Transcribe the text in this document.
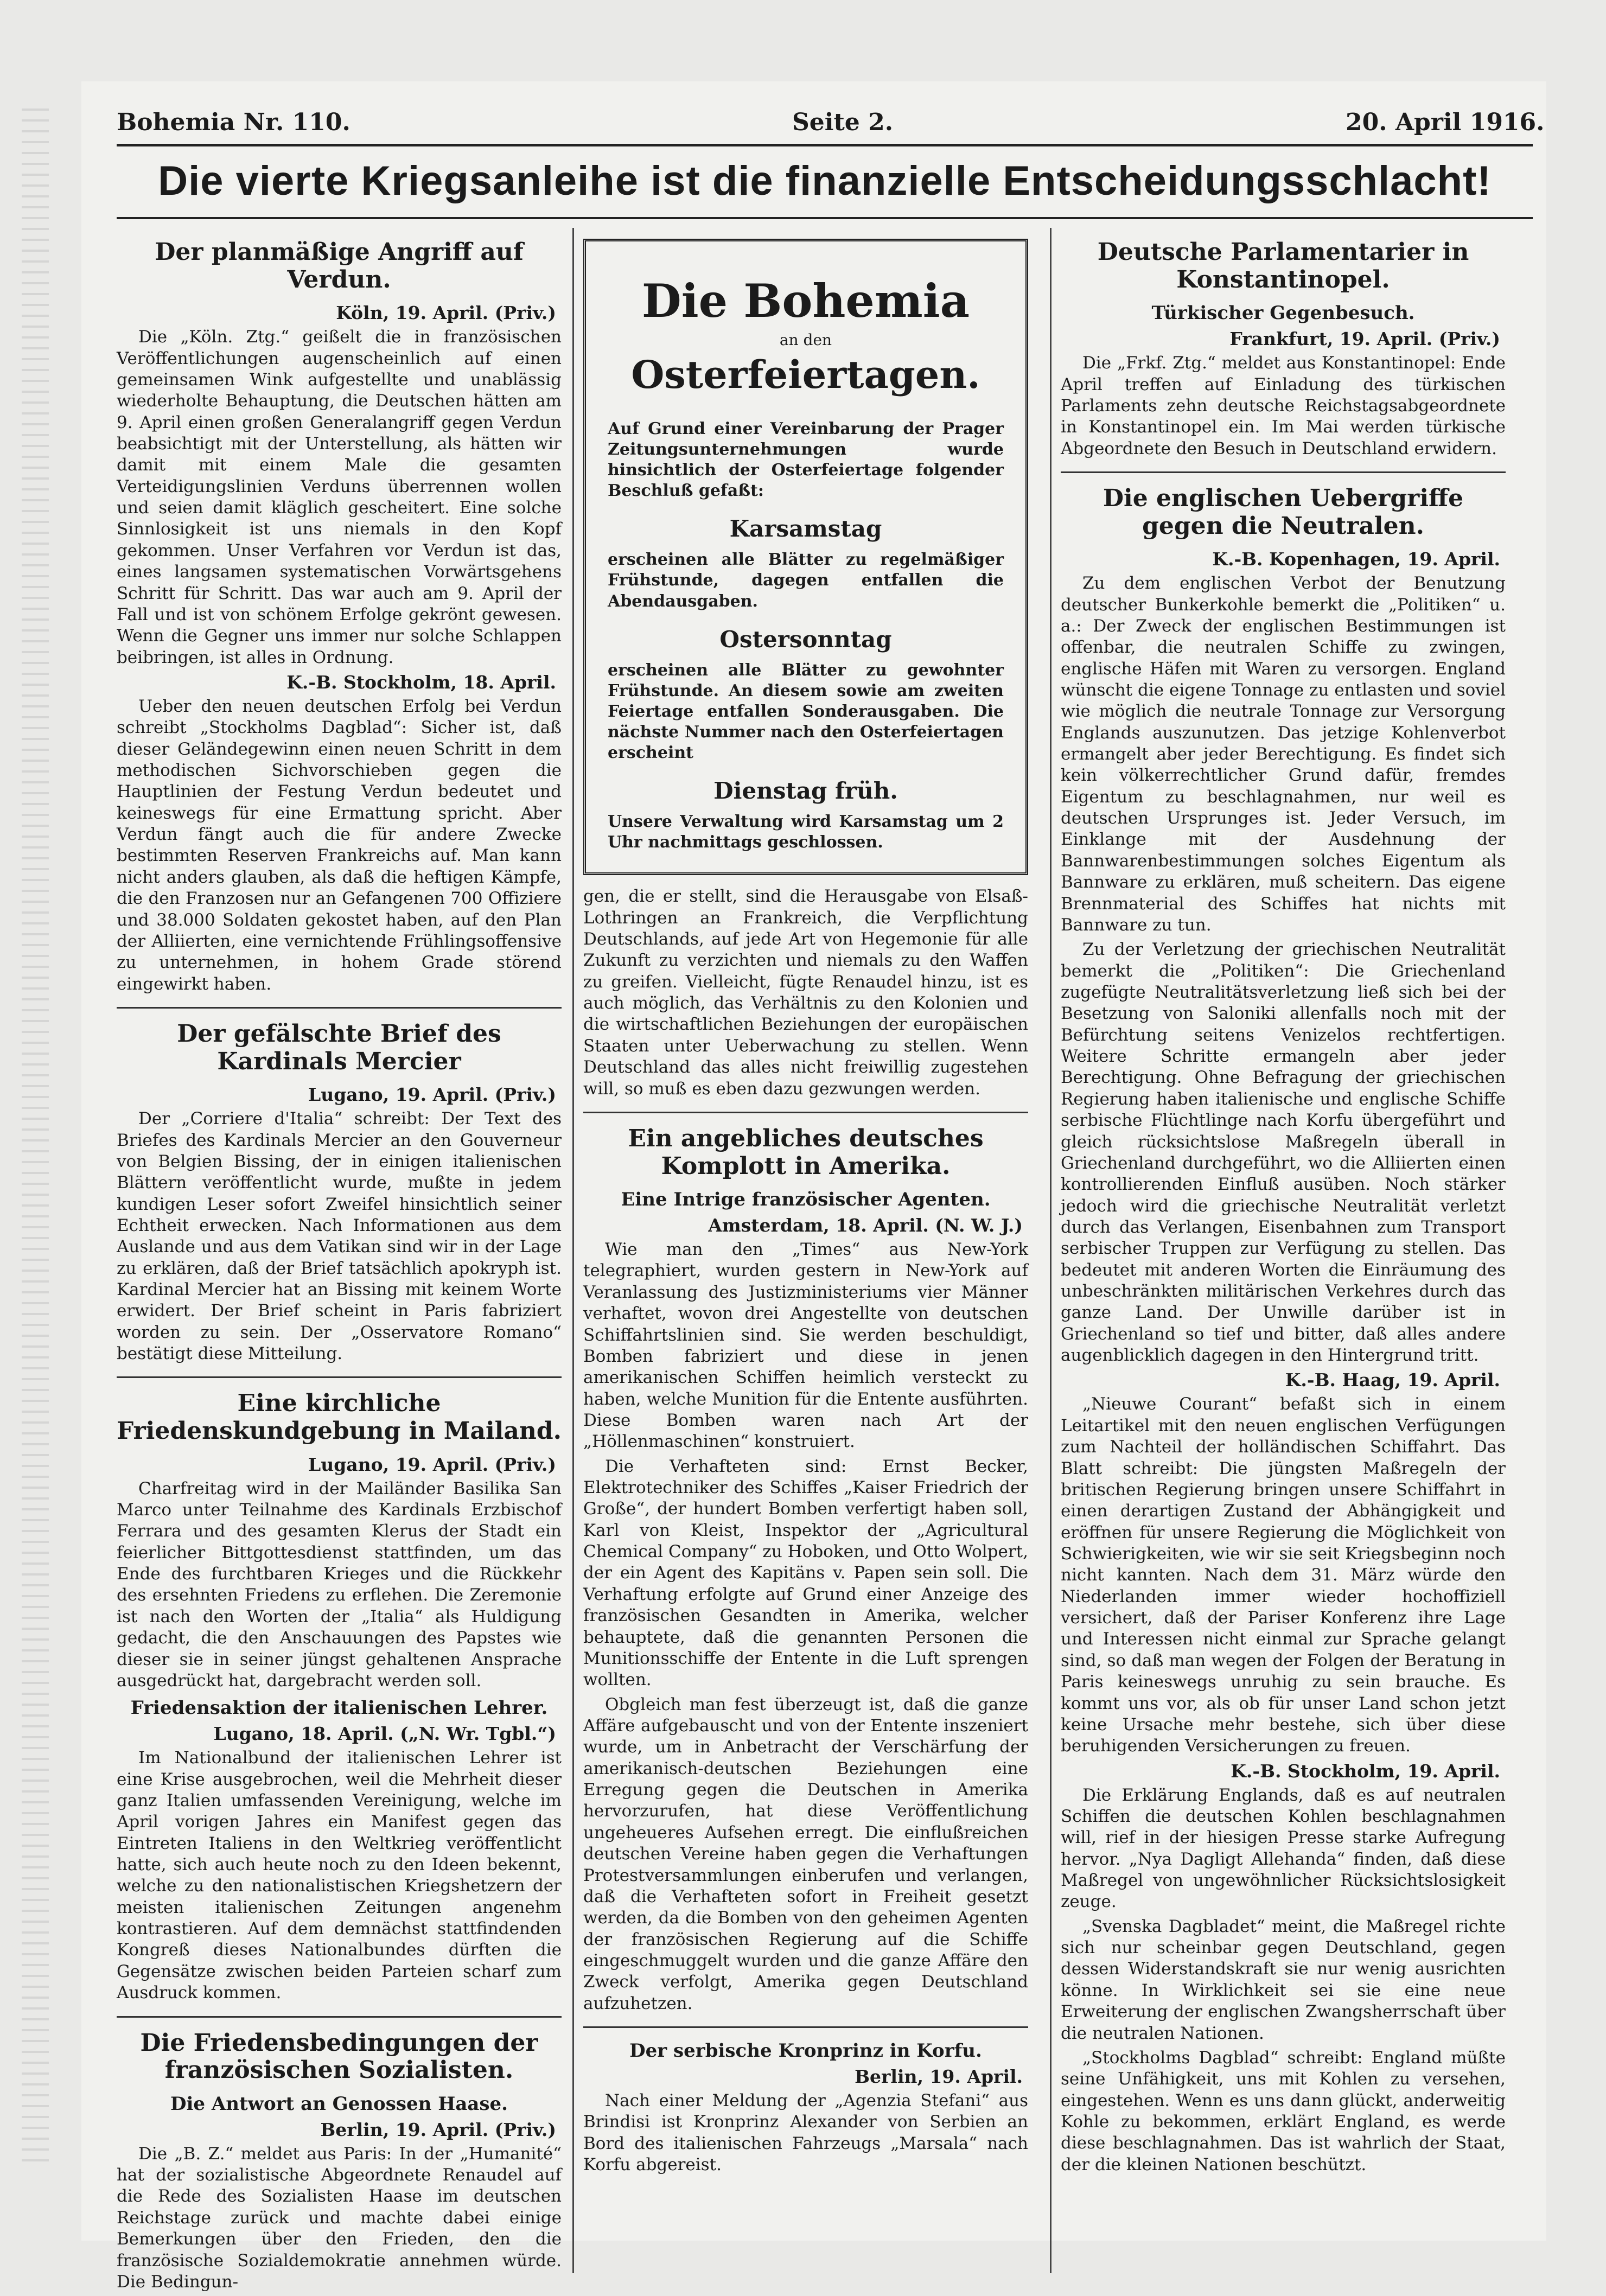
Bohemia Nr. 110.	Seite 2.	20. April 1916.
Die vierte Kriegsanleihe ist die finanzielle Entscheidungsschlacht!
Der planmäßige Angriff auf Verdun.
Köln, 19. April. (Priv.)

Die „Köln. Ztg.“ geißelt die in französischen Veröffentlichungen augenscheinlich auf einen gemeinsamen Wink aufgestellte und unablässig wiederholte Behauptung, die Deutschen hätten am 9. April einen großen Generalangriff gegen Verdun beabsichtigt mit der Unterstellung, als hätten wir damit mit einem Male die gesamten Verteidigungslinien Verduns überrennen wollen und seien damit kläglich gescheitert. Eine solche Sinnlosigkeit ist uns niemals in den Kopf gekommen. Unser Verfahren vor Verdun ist das, eines langsamen systematischen Vorwärtsgehens Schritt für Schritt. Das war auch am 9. April der Fall und ist von schönem Erfolge gekrönt gewesen. Wenn die Gegner uns immer nur solche Schlappen beibringen, ist alles in Ordnung.

K.-B. Stockholm, 18. April.

Ueber den neuen deutschen Erfolg bei Verdun schreibt „Stockholms Dagblad“: Sicher ist, daß dieser Geländegewinn einen neuen Schritt in dem methodischen Sichvorschieben gegen die Hauptlinien der Festung Verdun bedeutet und keineswegs für eine Ermattung spricht. Aber Verdun fängt auch die für andere Zwecke bestimmten Reserven Frankreichs auf. Man kann nicht anders glauben, als daß die heftigen Kämpfe, die den Franzosen nur an Gefangenen 700 Offiziere und 38.000 Soldaten gekostet haben, auf den Plan der Alliierten, eine vernichtende Frühlingsoffensive zu unternehmen, in hohem Grade störend eingewirkt haben.

Der gefälschte Brief des Kardinals Mercier
Lugano, 19. April. (Priv.)

Der „Corriere d'Italia“ schreibt: Der Text des Briefes des Kardinals Mercier an den Gouverneur von Belgien Bissing, der in einigen italienischen Blättern veröffentlicht wurde, mußte in jedem kundigen Leser sofort Zweifel hinsichtlich seiner Echtheit erwecken. Nach Informationen aus dem Auslande und aus dem Vatikan sind wir in der Lage zu erklären, daß der Brief tatsächlich apokryph ist. Kardinal Mercier hat an Bissing mit keinem Worte erwidert. Der Brief scheint in Paris fabriziert worden zu sein. Der „Osservatore Romano“ bestätigt diese Mitteilung.

Eine kirchliche Friedenskundgebung in Mailand.
Lugano, 19. April. (Priv.)

Charfreitag wird in der Mailänder Basilika San Marco unter Teilnahme des Kardinals Erzbischof Ferrara und des gesamten Klerus der Stadt ein feierlicher Bittgottesdienst stattfinden, um das Ende des furchtbaren Krieges und die Rückkehr des ersehnten Friedens zu erflehen. Die Zeremonie ist nach den Worten der „Italia“ als Huldigung gedacht, die den Anschauungen des Papstes wie dieser sie in seiner jüngst gehaltenen Ansprache ausgedrückt hat, dargebracht werden soll.

Friedensaktion der italienischen Lehrer.
Lugano, 18. April. („N. Wr. Tgbl.“)

Im Nationalbund der italienischen Lehrer ist eine Krise ausgebrochen, weil die Mehrheit dieser ganz Italien umfassenden Vereinigung, welche im April vorigen Jahres ein Manifest gegen das Eintreten Italiens in den Weltkrieg veröffentlicht hatte, sich auch heute noch zu den Ideen bekennt, welche zu den nationalistischen Kriegshetzern der meisten italienischen Zeitungen angenehm kontrastieren. Auf dem demnächst stattfindenden Kongreß dieses Nationalbundes dürften die Gegensätze zwischen beiden Parteien scharf zum Ausdruck kommen.

Die Friedensbedingungen der französischen Sozialisten.
Die Antwort an Genossen Haase.
Berlin, 19. April. (Priv.)

Die „B. Z.“ meldet aus Paris: In der „Humanité“ hat der sozialistische Abgeordnete Renaudel auf die Rede des Sozialisten Haase im deutschen Reichstage zurück und machte dabei einige Bemerkungen über den Frieden, den die französische Sozialdemokratie annehmen würde. Die Bedingun-

Die Bohemia
an den
Osterfeiertagen.

Auf Grund einer Vereinbarung der Prager Zeitungsunternehmungen wurde hinsichtlich der Osterfeiertage folgender Beschluß gefaßt:

Karsamstag

erscheinen alle Blätter zu regelmäßiger Frühstunde, dagegen entfallen die Abendausgaben.

Ostersonntag

erscheinen alle Blätter zu gewohnter Frühstunde. An diesem sowie am zweiten Feiertage entfallen Sonderausgaben. Die nächste Nummer nach den Osterfeiertagen erscheint

Dienstag früh.

Unsere Verwaltung wird Karsamstag um 2 Uhr nachmittags geschlossen.

gen, die er stellt, sind die Herausgabe von Elsaß-Lothringen an Frankreich, die Verpflichtung Deutschlands, auf jede Art von Hegemonie für alle Zukunft zu verzichten und niemals zu den Waffen zu greifen. Vielleicht, fügte Renaudel hinzu, ist es auch möglich, das Verhältnis zu den Kolonien und die wirtschaftlichen Beziehungen der europäischen Staaten unter Ueberwachung zu stellen. Wenn Deutschland das alles nicht freiwillig zugestehen will, so muß es eben dazu gezwungen werden.

Ein angebliches deutsches Komplott in Amerika.
Eine Intrige französischer Agenten.
Amsterdam, 18. April. (N. W. J.)

Wie man den „Times“ aus New-York telegraphiert, wurden gestern in New-York auf Veranlassung des Justizministeriums vier Männer verhaftet, wovon drei Angestellte von deutschen Schiffahrtslinien sind. Sie werden beschuldigt, Bomben fabriziert und diese in jenen amerikanischen Schiffen heimlich versteckt zu haben, welche Munition für die Entente ausführten. Diese Bomben waren nach Art der „Höllenmaschinen“ konstruiert.

Die Verhafteten sind: Ernst Becker, Elektrotechniker des Schiffes „Kaiser Friedrich der Große“, der hundert Bomben verfertigt haben soll, Karl von Kleist, Inspektor der „Agricultural Chemical Company“ zu Hoboken, und Otto Wolpert, der ein Agent des Kapitäns v. Papen sein soll. Die Verhaftung erfolgte auf Grund einer Anzeige des französischen Gesandten in Amerika, welcher behauptete, daß die genannten Personen die Munitionsschiffe der Entente in die Luft sprengen wollten.

Obgleich man fest überzeugt ist, daß die ganze Affäre aufgebauscht und von der Entente inszeniert wurde, um in Anbetracht der Verschärfung der amerikanisch-deutschen Beziehungen eine Erregung gegen die Deutschen in Amerika hervorzurufen, hat diese Veröffentlichung ungeheueres Aufsehen erregt. Die einflußreichen deutschen Vereine haben gegen die Verhaftungen Protestversammlungen einberufen und verlangen, daß die Verhafteten sofort in Freiheit gesetzt werden, da die Bomben von den geheimen Agenten der französischen Regierung auf die Schiffe eingeschmuggelt wurden und die ganze Affäre den Zweck verfolgt, Amerika gegen Deutschland aufzuhetzen.

Der serbische Kronprinz in Korfu.
Berlin, 19. April.

Nach einer Meldung der „Agenzia Stefani“ aus Brindisi ist Kronprinz Alexander von Serbien an Bord des italienischen Fahrzeugs „Marsala“ nach Korfu abgereist.

Deutsche Parlamentarier in Konstantinopel.
Türkischer Gegenbesuch.
Frankfurt, 19. April. (Priv.)

Die „Frkf. Ztg.“ meldet aus Konstantinopel: Ende April treffen auf Einladung des türkischen Parlaments zehn deutsche Reichstagsabgeordnete in Konstantinopel ein. Im Mai werden türkische Abgeordnete den Besuch in Deutschland erwidern.

Die englischen Uebergriffe gegen die Neutralen.
K.-B. Kopenhagen, 19. April.

Zu dem englischen Verbot der Benutzung deutscher Bunkerkohle bemerkt die „Politiken“ u. a.: Der Zweck der englischen Bestimmungen ist offenbar, die neutralen Schiffe zu zwingen, englische Häfen mit Waren zu versorgen. England wünscht die eigene Tonnage zu entlasten und soviel wie möglich die neutrale Tonnage zur Versorgung Englands auszunutzen. Das jetzige Kohlenverbot ermangelt aber jeder Berechtigung. Es findet sich kein völkerrechtlicher Grund dafür, fremdes Eigentum zu beschlagnahmen, nur weil es deutschen Ursprunges ist. Jeder Versuch, im Einklange mit der Ausdehnung der Bannwarenbestimmungen solches Eigentum als Bannware zu erklären, muß scheitern. Das eigene Brennmaterial des Schiffes hat nichts mit Bannware zu tun.

Zu der Verletzung der griechischen Neutralität bemerkt die „Politiken“: Die Griechenland zugefügte Neutralitätsverletzung ließ sich bei der Besetzung von Saloniki allenfalls noch mit der Befürchtung seitens Venizelos rechtfertigen. Weitere Schritte ermangeln aber jeder Berechtigung. Ohne Befragung der griechischen Regierung haben italienische und englische Schiffe serbische Flüchtlinge nach Korfu übergeführt und gleich rücksichtslose Maßregeln überall in Griechenland durchgeführt, wo die Alliierten einen kontrollierenden Einfluß ausüben. Noch stärker jedoch wird die griechische Neutralität verletzt durch das Verlangen, Eisenbahnen zum Transport serbischer Truppen zur Verfügung zu stellen. Das bedeutet mit anderen Worten die Einräumung des unbeschränkten militärischen Verkehres durch das ganze Land. Der Unwille darüber ist in Griechenland so tief und bitter, daß alles andere augenblicklich dagegen in den Hintergrund tritt.

K.-B. Haag, 19. April.

„Nieuwe Courant“ befaßt sich in einem Leitartikel mit den neuen englischen Verfügungen zum Nachteil der holländischen Schiffahrt. Das Blatt schreibt: Die jüngsten Maßregeln der britischen Regierung bringen unsere Schiffahrt in einen derartigen Zustand der Abhängigkeit und eröffnen für unsere Regierung die Möglichkeit von Schwierigkeiten, wie wir sie seit Kriegsbeginn noch nicht kannten. Nach dem 31. März würde den Niederlanden immer wieder hochoffiziell versichert, daß der Pariser Konferenz ihre Lage und Interessen nicht einmal zur Sprache gelangt sind, so daß man wegen der Folgen der Beratung in Paris keineswegs unruhig zu sein brauche. Es kommt uns vor, als ob für unser Land schon jetzt keine Ursache mehr bestehe, sich über diese beruhigenden Versicherungen zu freuen.

K.-B. Stockholm, 19. April.

Die Erklärung Englands, daß es auf neutralen Schiffen die deutschen Kohlen beschlagnahmen will, rief in der hiesigen Presse starke Aufregung hervor. „Nya Dagligt Allehanda“ finden, daß diese Maßregel von ungewöhnlicher Rücksichtslosigkeit zeuge.

„Svenska Dagbladet“ meint, die Maßregel richte sich nur scheinbar gegen Deutschland, gegen dessen Widerstandskraft sie nur wenig ausrichten könne. In Wirklichkeit sei sie eine neue Erweiterung der englischen Zwangsherrschaft über die neutralen Nationen.

„Stockholms Dagblad“ schreibt: England müßte seine Unfähigkeit, uns mit Kohlen zu versehen, eingestehen. Wenn es uns dann glückt, anderweitig Kohle zu bekommen, erklärt England, es werde diese beschlagnahmen. Das ist wahrlich der Staat, der die kleinen Nationen beschützt.
